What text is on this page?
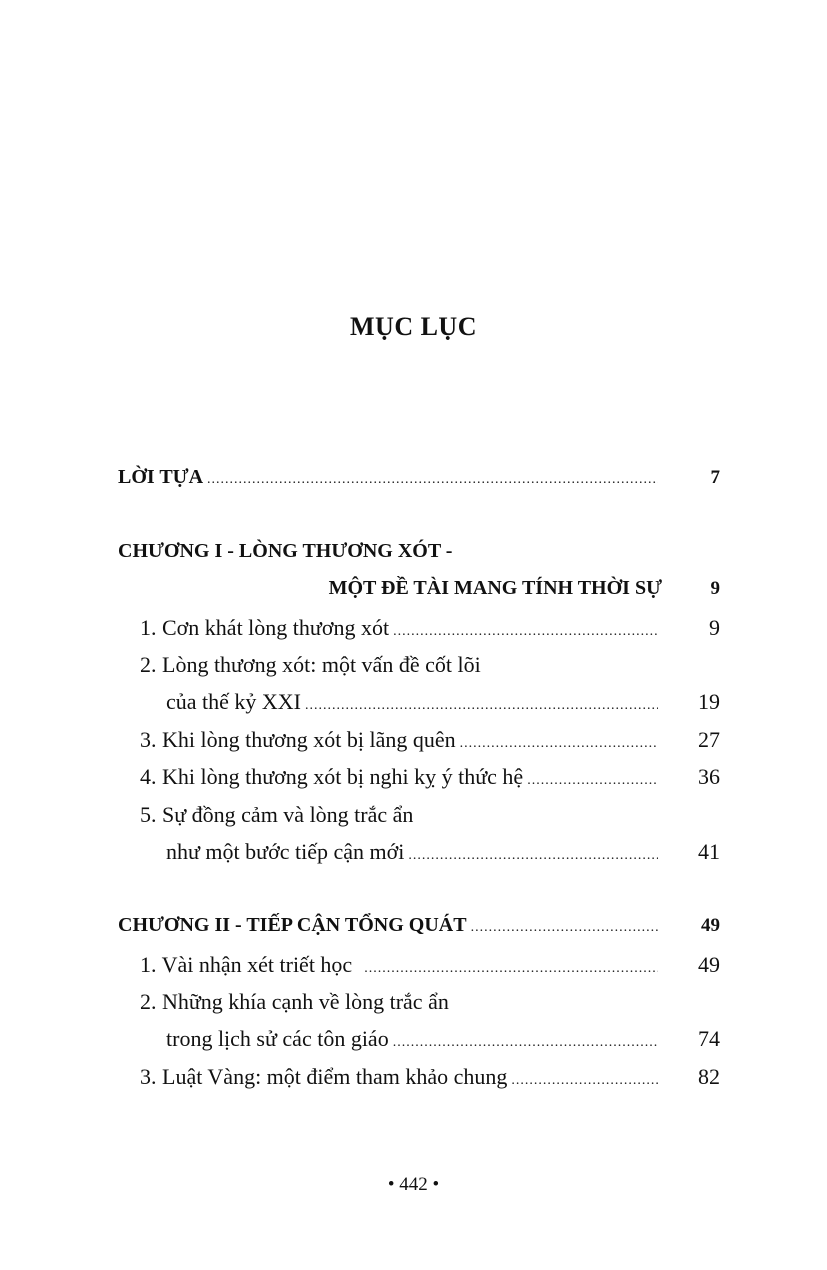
MỤC LỤC
LỜI TỰA .....	7
CHƯƠNG I - LÒNG THƯƠNG XÓT -
MỘT ĐỀ TÀI MANG TÍNH THỜI SỰ	9
1. Cơn khát lòng thương xót .....	9
2. Lòng thương xót: một vấn đề cốt lõi
của thế kỷ XXI .....	19
3. Khi lòng thương xót bị lãng quên .....	27
4. Khi lòng thương xót bị nghi kỵ ý thức hệ .....	36
5. Sự đồng cảm và lòng trắc ẩn
như một bước tiếp cận mới .....	41
CHƯƠNG II - TIẾP CẬN TỔNG QUÁT .....	49
1. Vài nhận xét triết học .....	49
2. Những khía cạnh về lòng trắc ẩn
trong lịch sử các tôn giáo .....	74
3. Luật Vàng: một điểm tham khảo chung .....	82
• 442 •
